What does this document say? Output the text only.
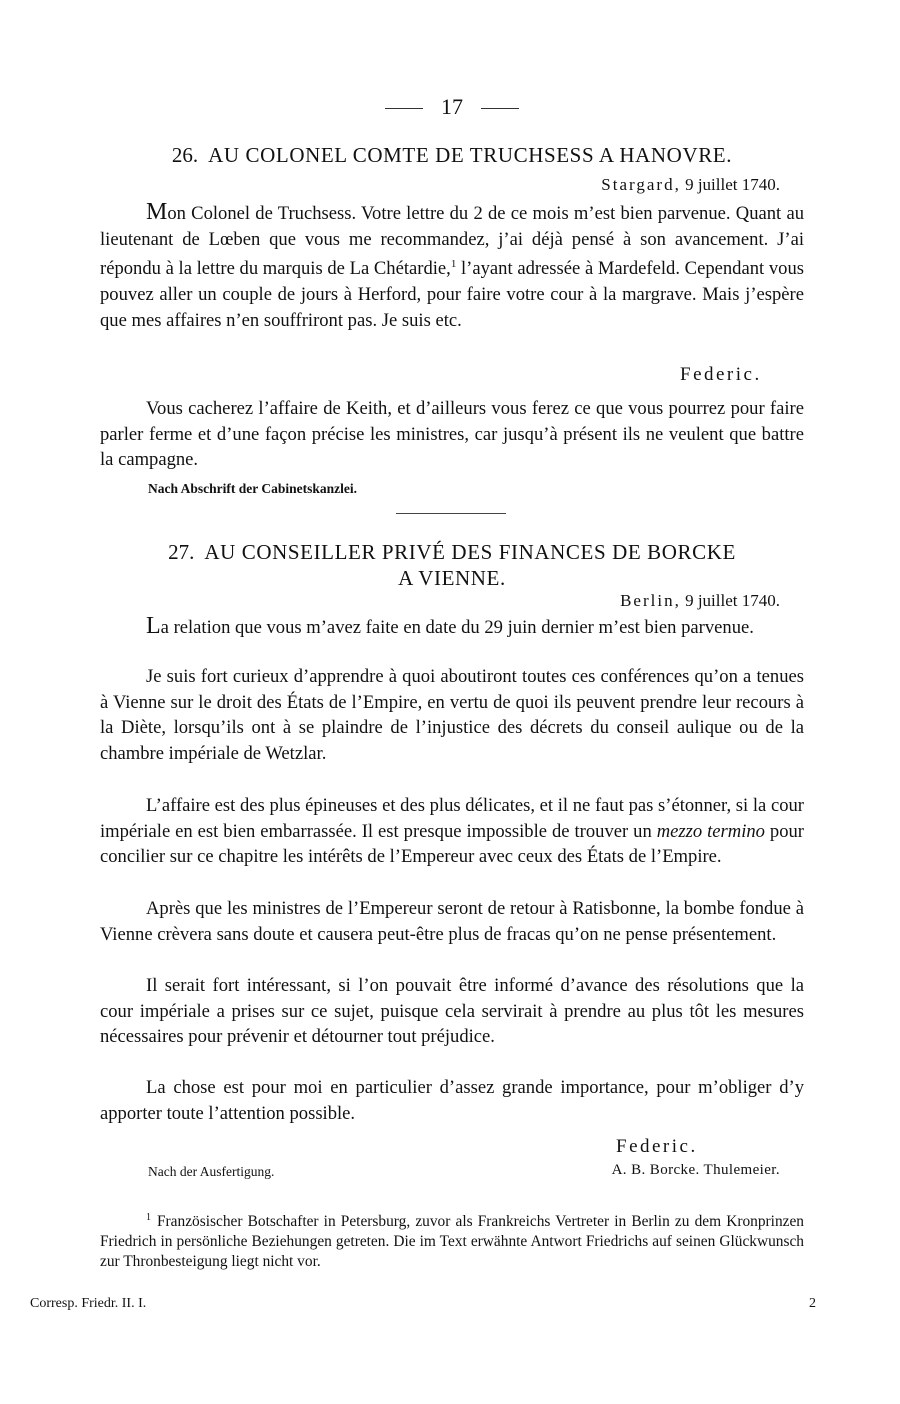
17
26. AU COLONEL COMTE DE TRUCHSESS A HANOVRE.
Stargard, 9 juillet 1740.

Mon Colonel de Truchsess. Votre lettre du 2 de ce mois m’est bien parvenue. Quant au lieutenant de Lœben que vous me recommandez, j’ai déjà pensé à son avancement. J’ai répondu à la lettre du marquis de La Chétardie,$^1$ l’ayant adressée à Mardefeld. Cependant vous pouvez aller un couple de jours à Herford, pour faire votre cour à la margrave. Mais j’espère que mes affaires n’en souffriront pas. Je suis etc.

Federic.

Vous cacherez l’affaire de Keith, et d’ailleurs vous ferez ce que vous pourrez pour faire parler ferme et d’une façon précise les ministres, car jusqu’à présent ils ne veulent que battre la campagne.

Nach Abschrift der Cabinetskanzlei.
27. AU CONSEILLER PRIVÉ DES FINANCES DE BORCKE
A VIENNE.
Berlin, 9 juillet 1740.

La relation que vous m’avez faite en date du 29 juin dernier m’est bien parvenue.

Je suis fort curieux d’apprendre à quoi aboutiront toutes ces conférences qu’on a tenues à Vienne sur le droit des États de l’Empire, en vertu de quoi ils peuvent prendre leur recours à la Diète, lorsqu’ils ont à se plaindre de l’injustice des décrets du conseil aulique ou de la chambre impériale de Wetzlar.

L’affaire est des plus épineuses et des plus délicates, et il ne faut pas s’étonner, si la cour impériale en est bien embarrassée. Il est presque impossible de trouver un mezzo termino pour concilier sur ce chapitre les intérêts de l’Empereur avec ceux des États de l’Empire.

Après que les ministres de l’Empereur seront de retour à Ratisbonne, la bombe fondue à Vienne crèvera sans doute et causera peut-être plus de fracas qu’on ne pense présentement.

Il serait fort intéressant, si l’on pouvait être informé d’avance des résolutions que la cour impériale a prises sur ce sujet, puisque cela servirait à prendre au plus tôt les mesures nécessaires pour prévenir et détourner tout préjudice.

La chose est pour moi en particulier d’assez grande importance, pour m’obliger d’y apporter toute l’attention possible.

Federic.
Nach der Ausfertigung.	A. B. Borcke. Thulemeier.

$^1$ Französischer Botschafter in Petersburg, zuvor als Frankreichs Vertreter in Berlin zu dem Kronprinzen Friedrich in persönliche Beziehungen getreten. Die im Text erwähnte Antwort Friedrichs auf seinen Glückwunsch zur Thronbesteigung liegt nicht vor.

Corresp. Friedr. II. I.	2
